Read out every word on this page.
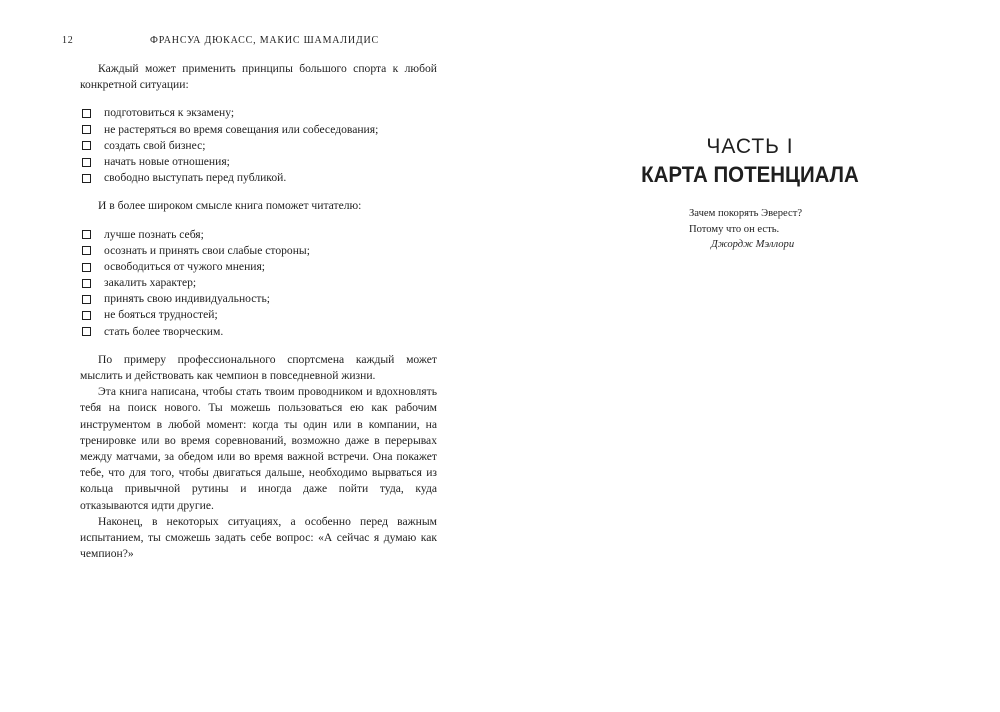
12	ФРАНСУА ДЮКАСС, МАКИС ШАМАЛИДИС

Каждый может применить принципы большого спорта к любой конкретной ситуации:

подготовиться к экзамену;
не растеряться во время совещания или собеседования;
создать свой бизнес;
начать новые отношения;
свободно выступать перед публикой.

И в более широком смысле книга поможет читателю:

лучше познать себя;
осознать и принять свои слабые стороны;
освободиться от чужого мнения;
закалить характер;
принять свою индивидуальность;
не бояться трудностей;
стать более творческим.

По примеру профессионального спортсмена каждый может мыслить и действовать как чемпион в повседневной жизни.

Эта книга написана, чтобы стать твоим проводником и вдохновлять тебя на поиск нового. Ты можешь пользоваться ею как рабочим инструментом в любой момент: когда ты один или в компании, на тренировке или во время соревнований, возможно даже в перерывах между матчами, за обедом или во время важной встречи. Она покажет тебе, что для того, чтобы двигаться дальше, необходимо вырваться из кольца привычной рутины и иногда даже пойти туда, куда отказываются идти другие.

Наконец, в некоторых ситуациях, а особенно перед важным испытанием, ты сможешь задать себе вопрос: «А сейчас я думаю как чемпион?»

ЧАСТЬ I
КАРТА ПОТЕНЦИАЛА
Зачем покорять Эверест?
Потому что он есть.
Джордж Мэллори
